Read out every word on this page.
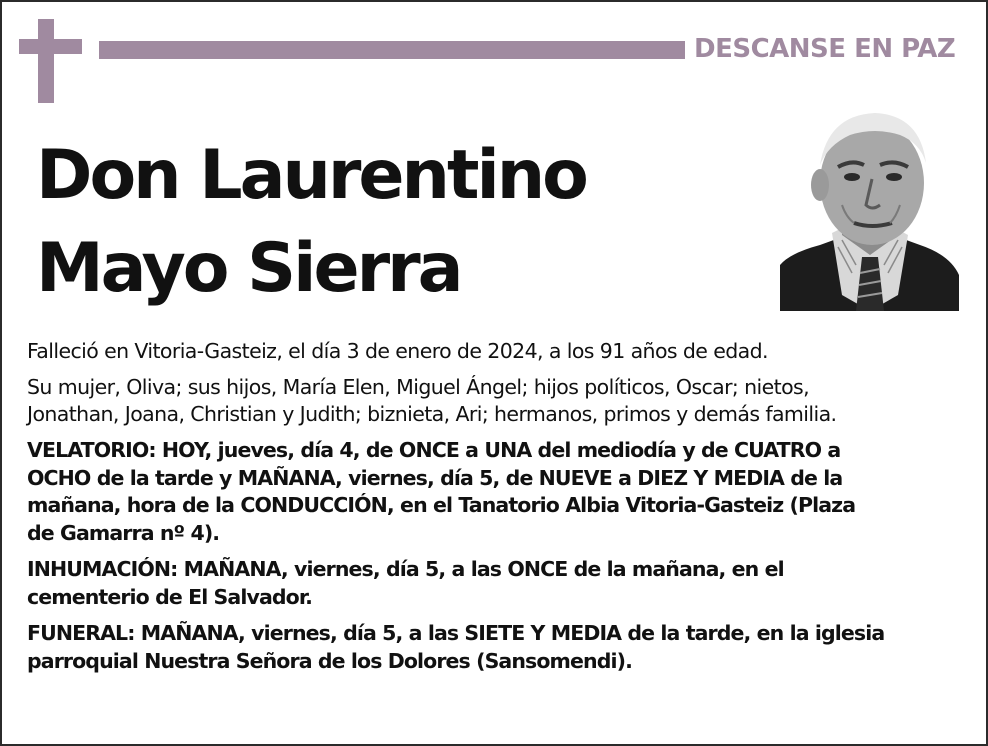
DESCANSE EN PAZ
Don Laurentino
Mayo Sierra

Falleció en Vitoria-Gasteiz, el día 3 de enero de 2024, a los 91 años de edad.

Su mujer, Oliva; sus hijos, María Elen, Miguel Ángel; hijos políticos, Oscar; nietos,
Jonathan, Joana, Christian y Judith; biznieta, Ari; hermanos, primos y demás familia.

VELATORIO: HOY, jueves, día 4, de ONCE a UNA del mediodía y de CUATRO a
OCHO de la tarde y MAÑANA, viernes, día 5, de NUEVE a DIEZ Y MEDIA de la
mañana, hora de la CONDUCCIÓN, en el Tanatorio Albia Vitoria-Gasteiz (Plaza
de Gamarra nº 4).

INHUMACIÓN: MAÑANA, viernes, día 5, a las ONCE de la mañana, en el
cementerio de El Salvador.

FUNERAL: MAÑANA, viernes, día 5, a las SIETE Y MEDIA de la tarde, en la iglesia
parroquial Nuestra Señora de los Dolores (Sansomendi).
